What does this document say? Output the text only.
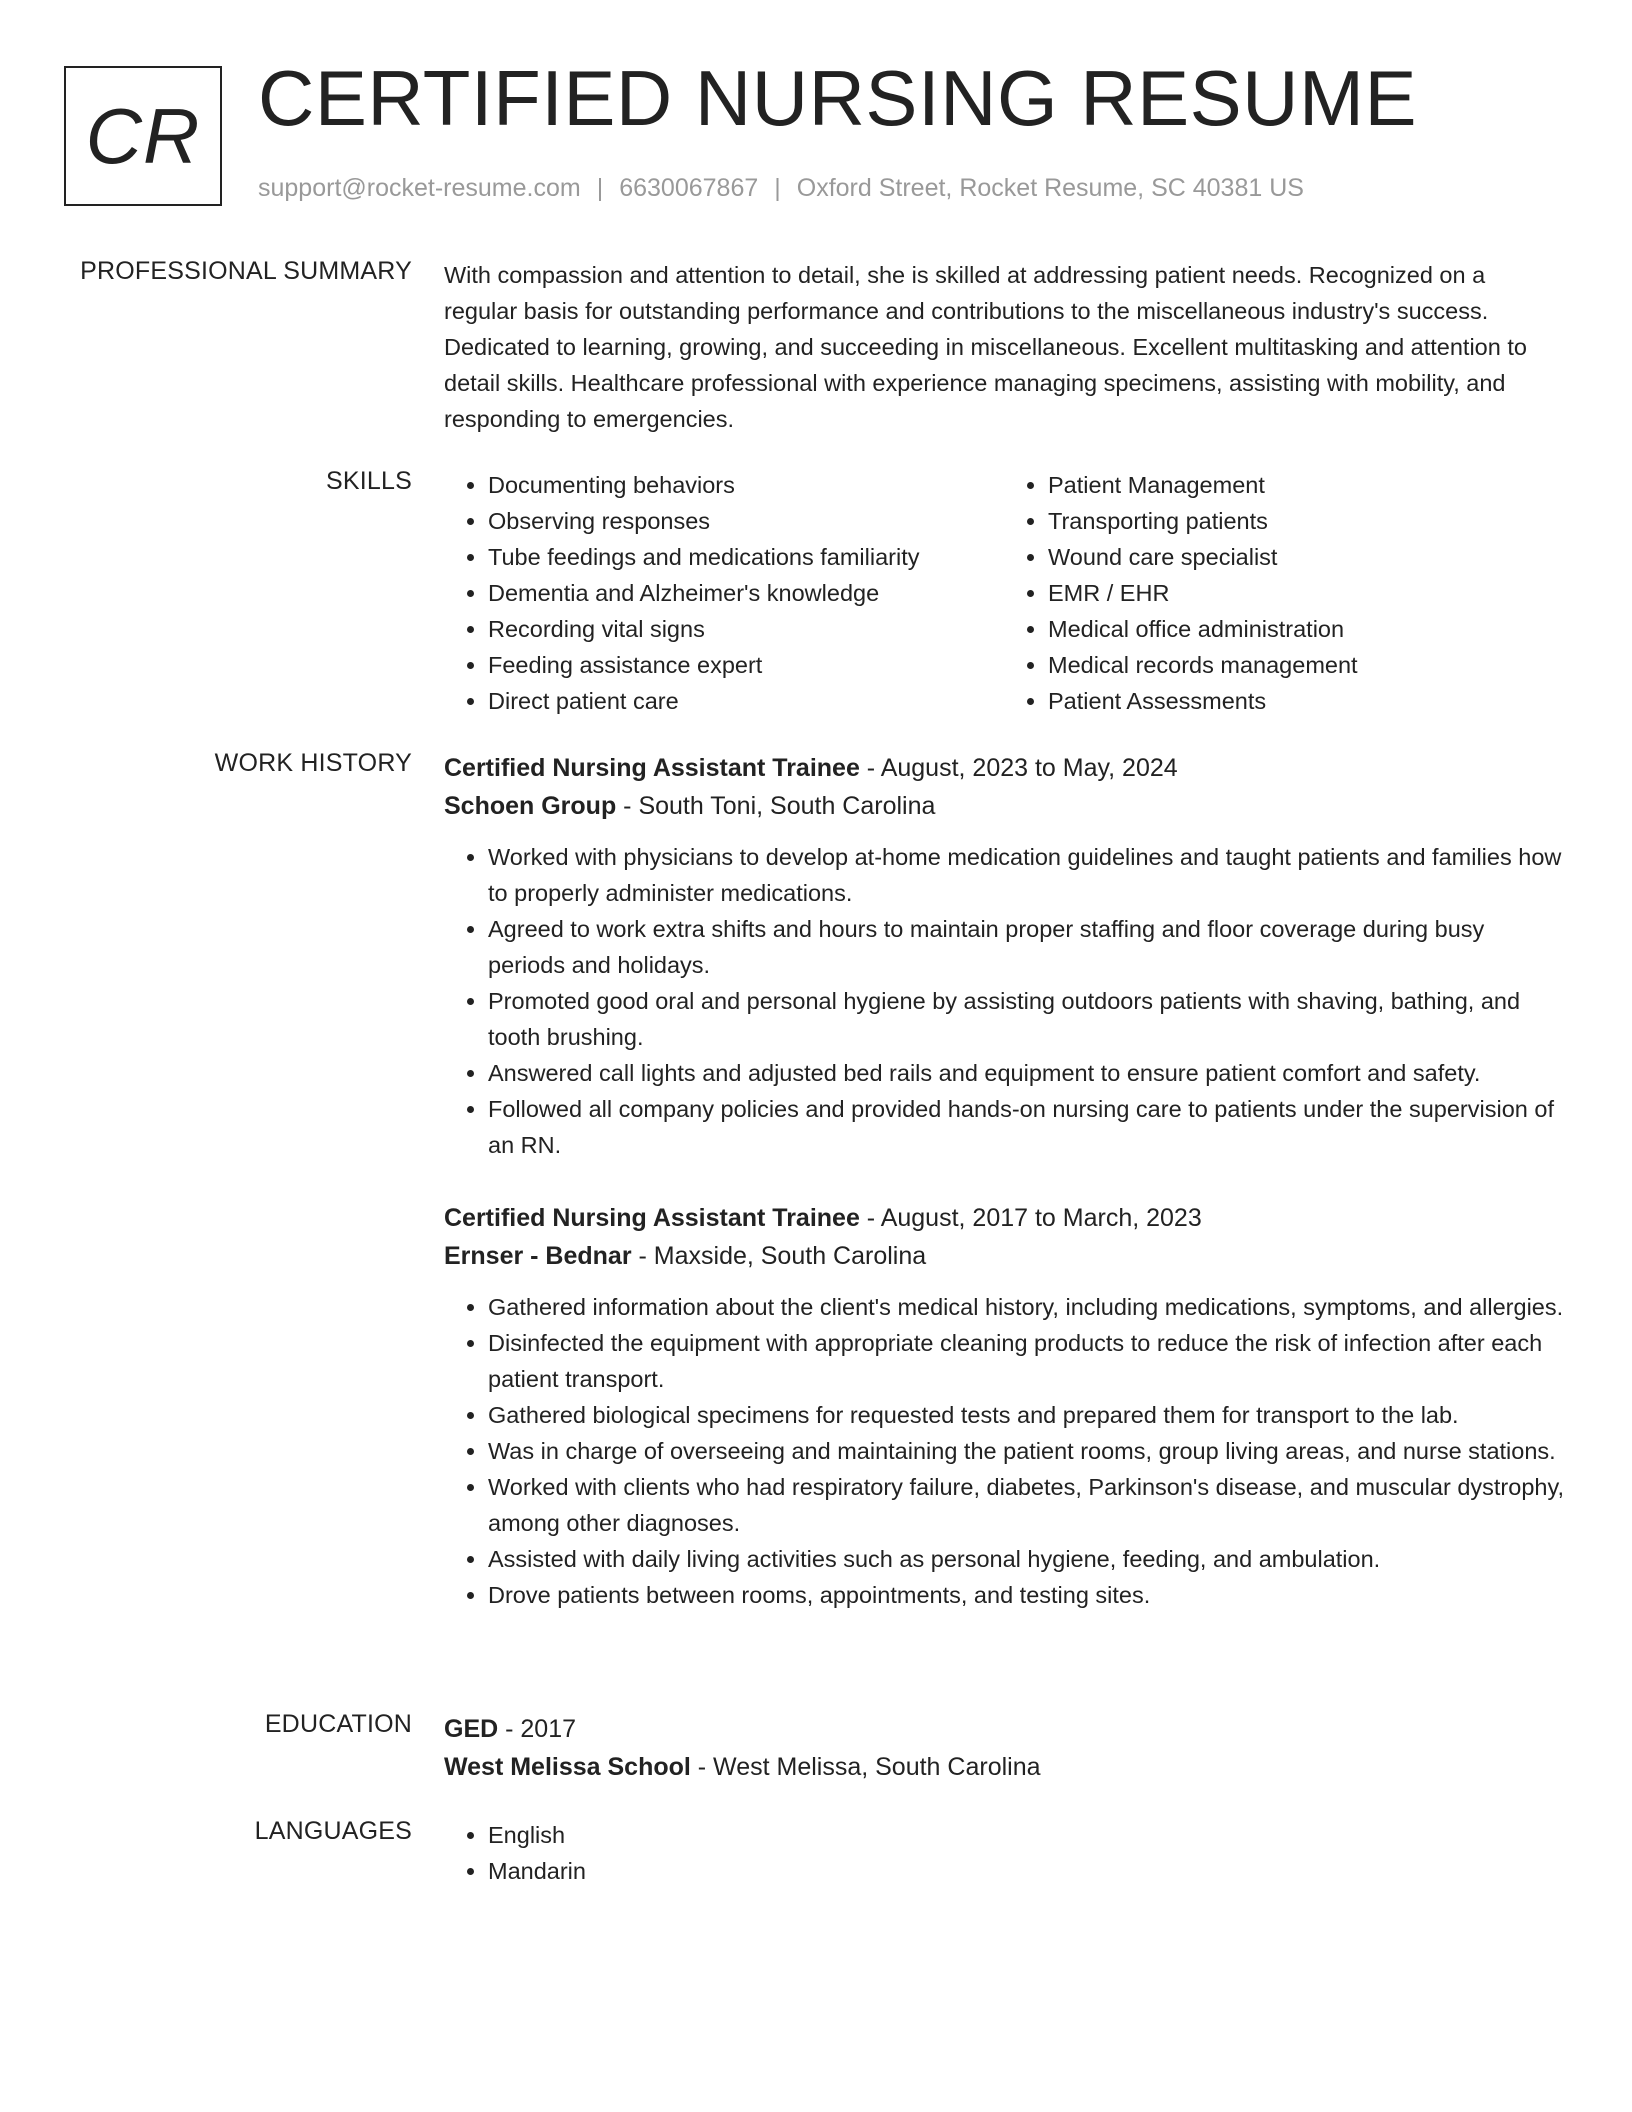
CR CERTIFIED NURSING RESUME
support@rocket-resume.com | 6630067867 | Oxford Street, Rocket Resume, SC 40381 US
PROFESSIONAL SUMMARY With compassion and attention to detail, she is skilled at addressing patient needs. Recognized on a regular basis for outstanding performance and contributions to the miscellaneous industry's success. Dedicated to learning, growing, and succeeding in miscellaneous. Excellent multitasking and attention to detail skills. Healthcare professional with experience managing specimens, assisting with mobility, and responding to emergencies.

SKILLS	• Documenting behaviors
• Observing responses
• Tube feedings and medications familiarity
• Dementia and Alzheimer's knowledge
• Recording vital signs
• Feeding assistance expert
• Direct patient care
• Patient Management
• Transporting patients
• Wound care specialist
• EMR / EHR
• Medical office administration
• Medical records management
• Patient Assessments
WORK HISTORY Certified Nursing Assistant Trainee - August, 2023 to May, 2024
Schoen Group - South Toni, South Carolina
• Worked with physicians to develop at-home medication guidelines and taught patients and families how to properly administer medications.
• Agreed to work extra shifts and hours to maintain proper staffing and floor coverage during busy periods and holidays.
• Promoted good oral and personal hygiene by assisting outdoors patients with shaving, bathing, and tooth brushing.
• Answered call lights and adjusted bed rails and equipment to ensure patient comfort and safety.
• Followed all company policies and provided hands-on nursing care to patients under the supervision of an RN.
Certified Nursing Assistant Trainee - August, 2017 to March, 2023
Ernser - Bednar - Maxside, South Carolina
• Gathered information about the client's medical history, including medications, symptoms, and allergies.
• Disinfected the equipment with appropriate cleaning products to reduce the risk of infection after each patient transport.
• Gathered biological specimens for requested tests and prepared them for transport to the lab.
• Was in charge of overseeing and maintaining the patient rooms, group living areas, and nurse stations.
• Worked with clients who had respiratory failure, diabetes, Parkinson's disease, and muscular dystrophy, among other diagnoses.
• Assisted with daily living activities such as personal hygiene, feeding, and ambulation.
• Drove patients between rooms, appointments, and testing sites.
EDUCATION GED - 2017
West Melissa School - West Melissa, South Carolina
LANGUAGES	• English
• Mandarin
